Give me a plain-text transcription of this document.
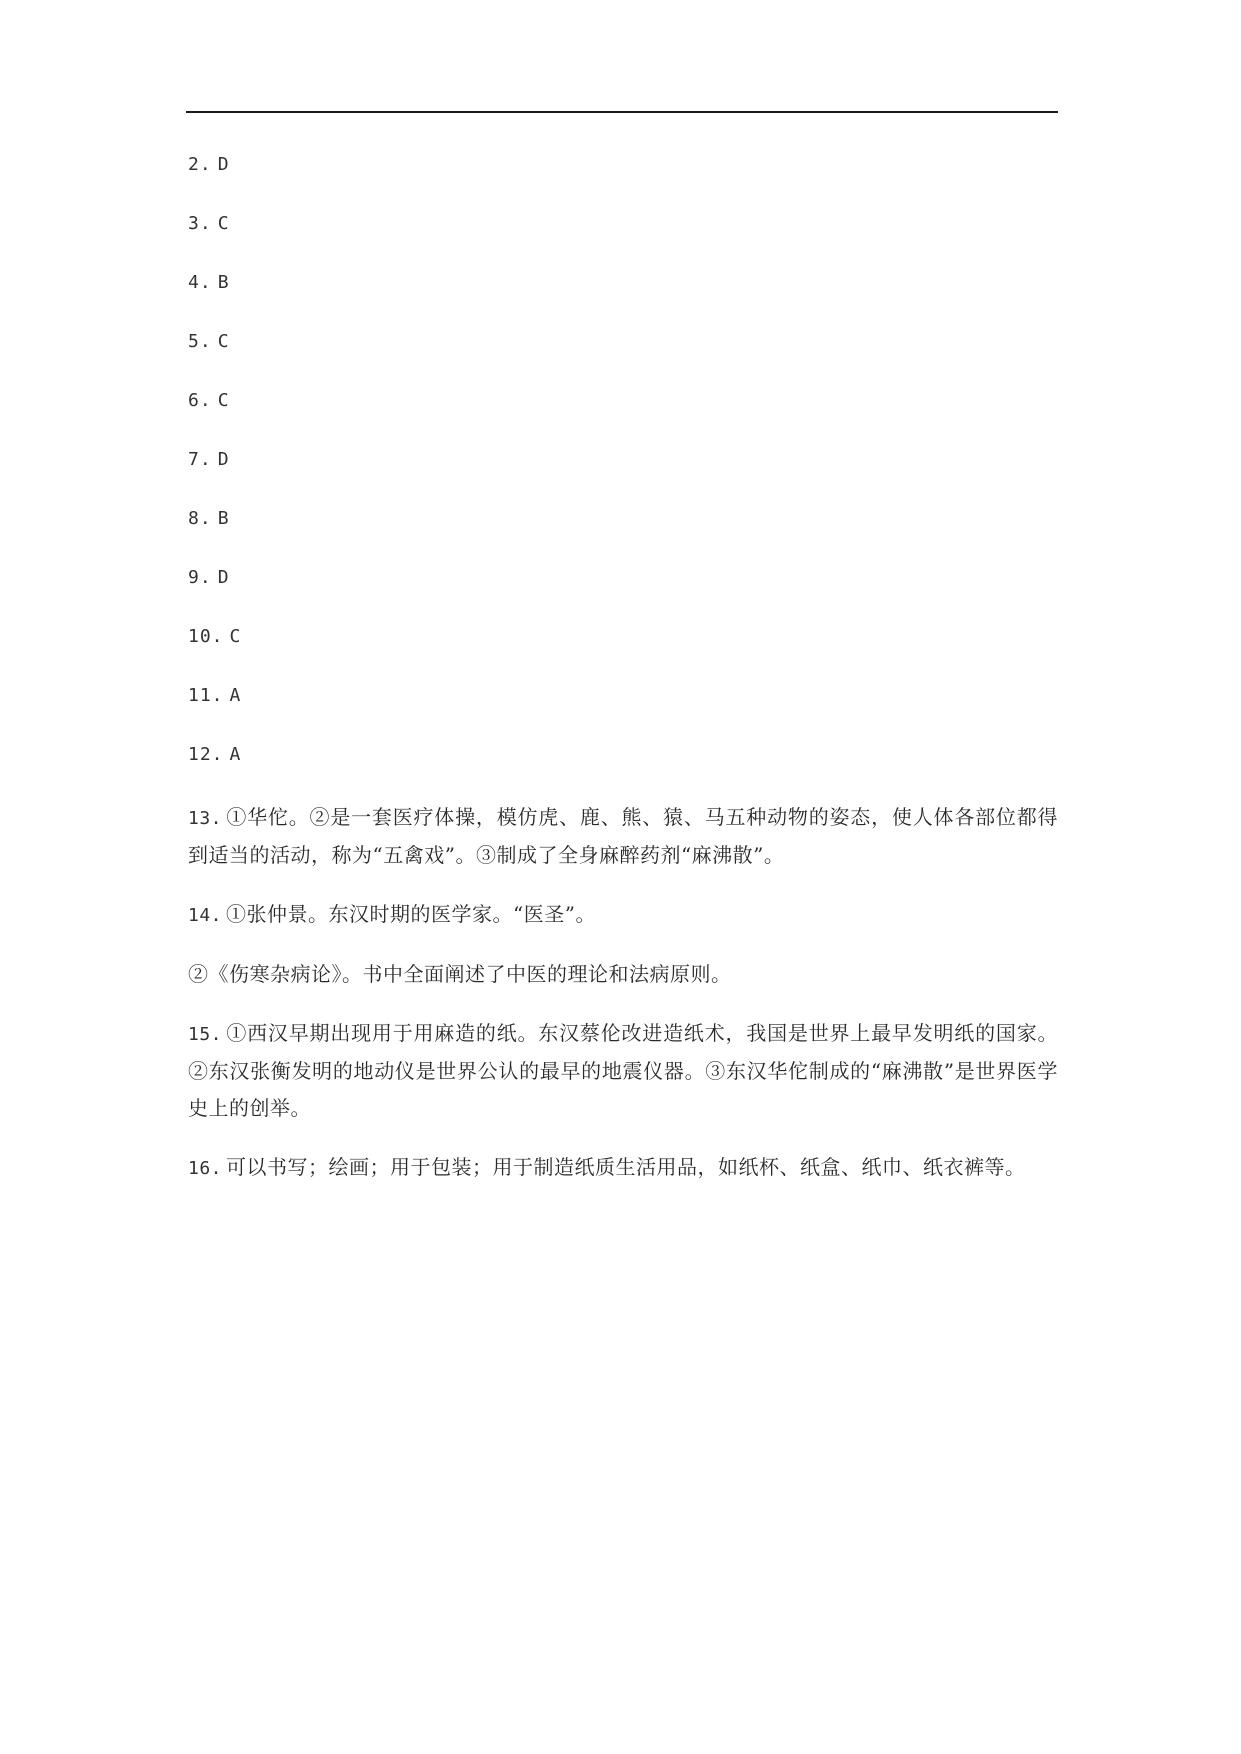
2. D
3. C
4. B
5. C
6. C
7. D
8. B
9. D
10. C
11. A
12. A

13. ①华佗。②是一套医疗体操，模仿虎、鹿、熊、猿、马五种动物的姿态，使人体各部位都得到适当的活动，称为“五禽戏”。③制成了全身麻醉药剂“麻沸散”。

14. ①张仲景。东汉时期的医学家。“医圣”。

②《伤寒杂病论》。书中全面阐述了中医的理论和法病原则。

15. ①西汉早期出现用于用麻造的纸。东汉蔡伦改进造纸术，我国是世界上最早发明纸的国家。②东汉张衡发明的地动仪是世界公认的最早的地震仪器。③东汉华佗制成的“麻沸散”是世界医学史上的创举。

16. 可以书写；绘画；用于包装；用于制造纸质生活用品，如纸杯、纸盒、纸巾、纸衣裤等。
